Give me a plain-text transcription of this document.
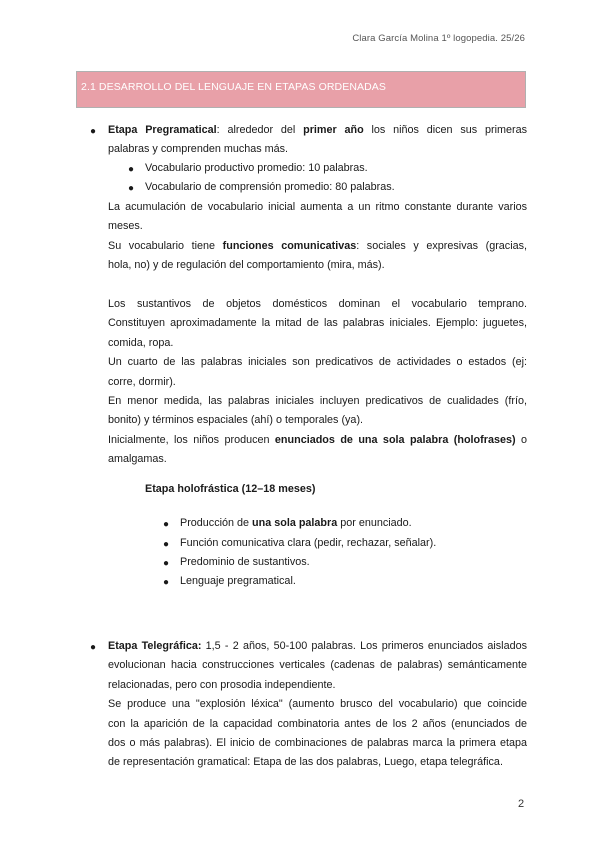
Clara García Molina 1º logopedia. 25/26
2.1 DESARROLLO DEL LENGUAJE EN ETAPAS ORDENADAS
● Etapa Pregramatical: alrededor del primer año los niños dicen sus primeras
palabras y comprenden muchas más.
● Vocabulario productivo promedio: 10 palabras.
● Vocabulario de comprensión promedio: 80 palabras.
La acumulación de vocabulario inicial aumenta a un ritmo constante durante varios
meses.
Su vocabulario tiene funciones comunicativas: sociales y expresivas (gracias,
hola, no) y de regulación del comportamiento (mira, más).

Los sustantivos de objetos domésticos dominan el vocabulario temprano.
Constituyen aproximadamente la mitad de las palabras iniciales. Ejemplo: juguetes,
comida, ropa.
Un cuarto de las palabras iniciales son predicativos de actividades o estados (ej:
corre, dormir).
En menor medida, las palabras iniciales incluyen predicativos de cualidades (frío,
bonito) y términos espaciales (ahí) o temporales (ya).
Inicialmente, los niños producen enunciados de una sola palabra (holofrases) o
amalgamas.
Etapa holofrástica (12–18 meses)
● Producción de una sola palabra por enunciado.
● Función comunicativa clara (pedir, rechazar, señalar).
● Predominio de sustantivos.
● Lenguaje pregramatical.
● Etapa Telegráfica: 1,5 - 2 años, 50-100 palabras. Los primeros enunciados aislados
evolucionan hacia construcciones verticales (cadenas de palabras) semánticamente
relacionadas, pero con prosodia independiente.
Se produce una "explosión léxica" (aumento brusco del vocabulario) que coincide
con la aparición de la capacidad combinatoria antes de los 2 años (enunciados de
dos o más palabras). El inicio de combinaciones de palabras marca la primera etapa
de representación gramatical: Etapa de las dos palabras, Luego, etapa telegráfica.
2
